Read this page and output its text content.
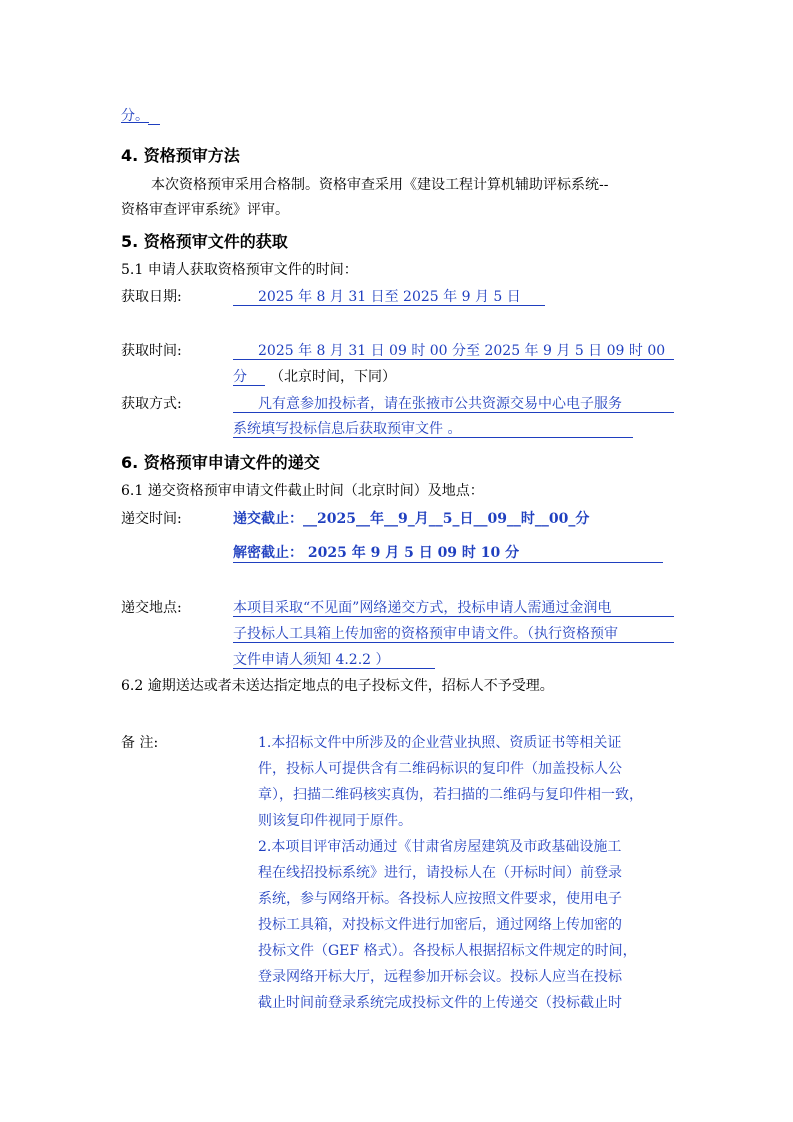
分。
4. 资格预审方法
本次资格预审采用合格制。资格审查采用《建设工程计算机辅助评标系统--
资格审查评审系统》评审。
5. 资格预审文件的获取
5.1 申请人获取资格预审文件的时间：
获取日期:	2025 年 8 月 31 日至 2025 年 9 月 5 日
获取时间:	2025 年 8 月 31 日 09 时 00 分至 2025 年 9 月 5 日 09 时 00
分 （北京时间，下同）
获取方式:	凡有意参加投标者，请在张掖市公共资源交易中心电子服务
系统填写投标信息后获取预审文件 。
6. 资格预审申请文件的递交
6.1 递交资格预审申请文件截止时间（北京时间）及地点：
递交时间:	递交截止：__2025__年__9_月__5_日__09__时__00_分
解密截止： 2025 年 9 月 5 日 09 时 10 分
递交地点:	本项目采取“不见面”网络递交方式，投标申请人需通过金润电
子投标人工具箱上传加密的资格预审申请文件。（执行资格预审
文件申请人须知 4.2.2 ）
6.2 逾期送达或者未送达指定地点的电子投标文件，招标人不予受理。
备 注:	1.本招标文件中所涉及的企业营业执照、资质证书等相关证
件，投标人可提供含有二维码标识的复印件（加盖投标人公
章），扫描二维码核实真伪，若扫描的二维码与复印件相一致，
则该复印件视同于原件。
2.本项目评审活动通过《甘肃省房屋建筑及市政基础设施工
程在线招投标系统》进行，请投标人在（开标时间）前登录
系统，参与网络开标。各投标人应按照文件要求，使用电子
投标工具箱，对投标文件进行加密后，通过网络上传加密的
投标文件（GEF 格式）。各投标人根据招标文件规定的时间，
登录网络开标大厅，远程参加开标会议。投标人应当在投标
截止时间前登录系统完成投标文件的上传递交（投标截止时
